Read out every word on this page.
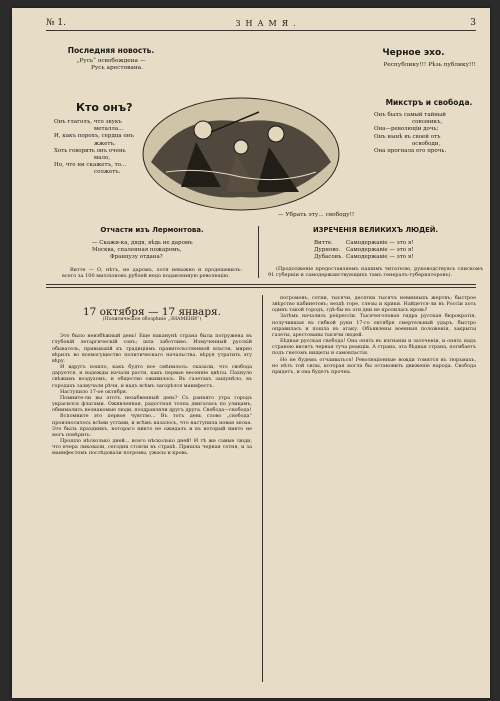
№ 1.	ЗНАМЯ.	3
Последняя новость.
„Русь“ освобождена —
Русь арестована.
Кто онъ?
Онъ глаголъ, что звукъ
металла...
И, какъ порохъ, сердца онъ
жжетъ.
Хоть говорить онъ очень
мало,
Но, что ни скажетъ, то...
солжетъ.
Черное эхо.
Республику!!! Рѣзь публику!!!
Микстръ и свобода.
Онъ былъ самый тайный
союзникъ,
Она—революціи дочь;
Онъ нынѣ въ своей отъ
освободи,
Она прогнала его прочь.
— Убрать эту... свободу!!
Отчасти изъ Лермонтова.
— Скажи-ка, дядя, вѣдь не даромъ
Москва, спаленная пожаромъ,
Французу отдана?
Витте — О, нѣтъ, не даромъ, хотя неважно и продешевилъ: всего за 100 миллiоновъ рублей недо подавленную революцію.
ИЗРЕЧЕНІЯ ВЕЛИКИХЪ ЛЮДЕЙ.
Витте.	Самодержавіе — это я!
Дурново.	Самодержавіе — это я!
Дубасовъ. Самодержавіе — это я!
(Продолженіе предоставляемъ нашимъ читателю, руководствуясь спискомъ 91 губерніи и самодержавствующихъ тамъ генералъ-губернаторовъ).
17 октября — 17 января.
(Политическое обозрѣніе „ЗНАМЕНИ“)

Это было неизбѣжный день! Еще наканунѣ страна была погружена въ глубокій летаргическій сонъ; шла заботливо. Измученный русскій обыватель, привыкшій къ традиціямъ правительственной власти, мирно вѣрилъ во всемогущество политическаго начальства, вѣруя утратить эту вѣру.

И вдругъ пошло, какъ будто все смѣнилось: сказали, что свобода даруется, и надежды начали расти, какъ первые весенніе цвѣты. Пахнуло свѣжимъ воздухомъ, и общество оживилось. Въ газетахъ зашумѣло, въ городахъ зазвучали рѣчи, и надъ всѣмъ загорѣлся манифестъ.

Наступило 17-ое октября.

Помните-ли вы этотъ незабвенный день? Съ ранняго утра городъ украсился флагами. Оживленная, радостная толпа двигалась по улицамъ, обнимались незнакомые люди, поздравляли другъ друга. Свобода—свобода!

Вспомните это первое чувство... Въ тотъ день слово „свобода“ произносилось всѣми устами, и всѣмъ казалось, что наступила новая эпоха. Это былъ праздникъ, котораго никто не ожидалъ и въ который никто не могъ повѣрить.

Прошло нѣсколько дней... всего нѣсколько дней! И тѣ же самые люди, что вчера ликовали, сегодня стояли въ страхѣ. Пришла черная сотня, и за манифестомъ послѣдовали погромы, ужасы и кровь.

погромовъ, сотни, тысячи, десятки тысячъ невинныхъ жертвъ; быстрое звѣрство кабинетовъ; вездѣ горе, слезы и крики. Найдется-ли въ Россіи хоть одинъ такой городъ, гдѣ-бы въ эти дни не пролилась кровь?

Затѣмъ начались репрессіи. Тысячеголовая гидра русская бюрократія, получившая въ гибкой руки 17-го октября смертельный ударъ, быстро оправилась и пошла въ атаку. Объявлены военныя положенія, закрыты газеты, арестованы тысячи людей.

Бѣдная русская свобода! Она опять въ изгнаніи и заточеніи, и опять надъ страною виситъ черная туча реакціи. А страна, эта бѣдная страна, погибаетъ подъ гнетомъ нищеты и самовластія.

Но не будемъ отчаиваться! Революціонные вожди томятся въ тюрьмахъ, но нѣтъ той силы, которая могла бы остановить движеніе народа. Свобода придетъ, и она будетъ прочна.
